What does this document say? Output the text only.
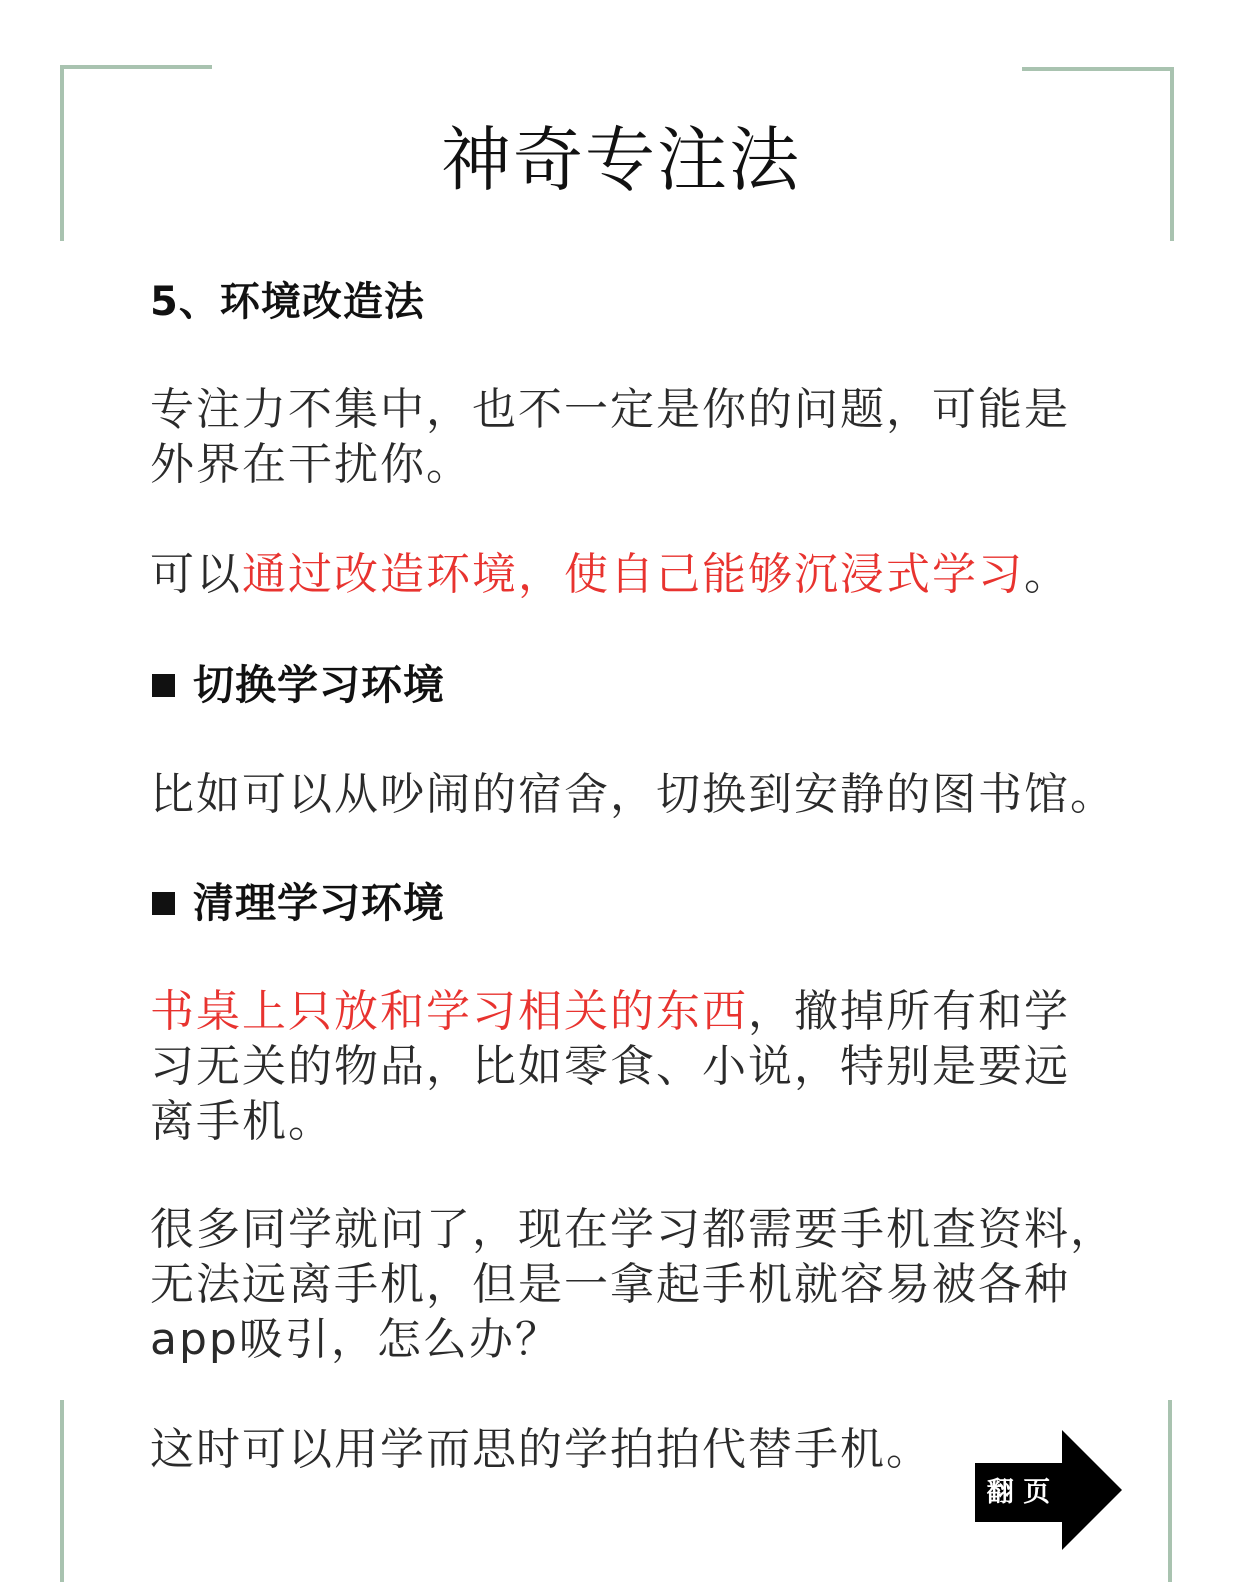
神奇专注法
5、环境改造法
专注力不集中，也不一定是你的问题，可能是
外界在干扰你。
可以通过改造环境，使自己能够沉浸式学习。
切换学习环境
比如可以从吵闹的宿舍，切换到安静的图书馆。
清理学习环境
书桌上只放和学习相关的东西，撤掉所有和学
习无关的物品，比如零食、小说，特别是要远
离手机。
很多同学就问了，现在学习都需要手机查资料，
无法远离手机，但是一拿起手机就容易被各种
app吸引，怎么办？
这时可以用学而思的学拍拍代替手机。
翻 页
